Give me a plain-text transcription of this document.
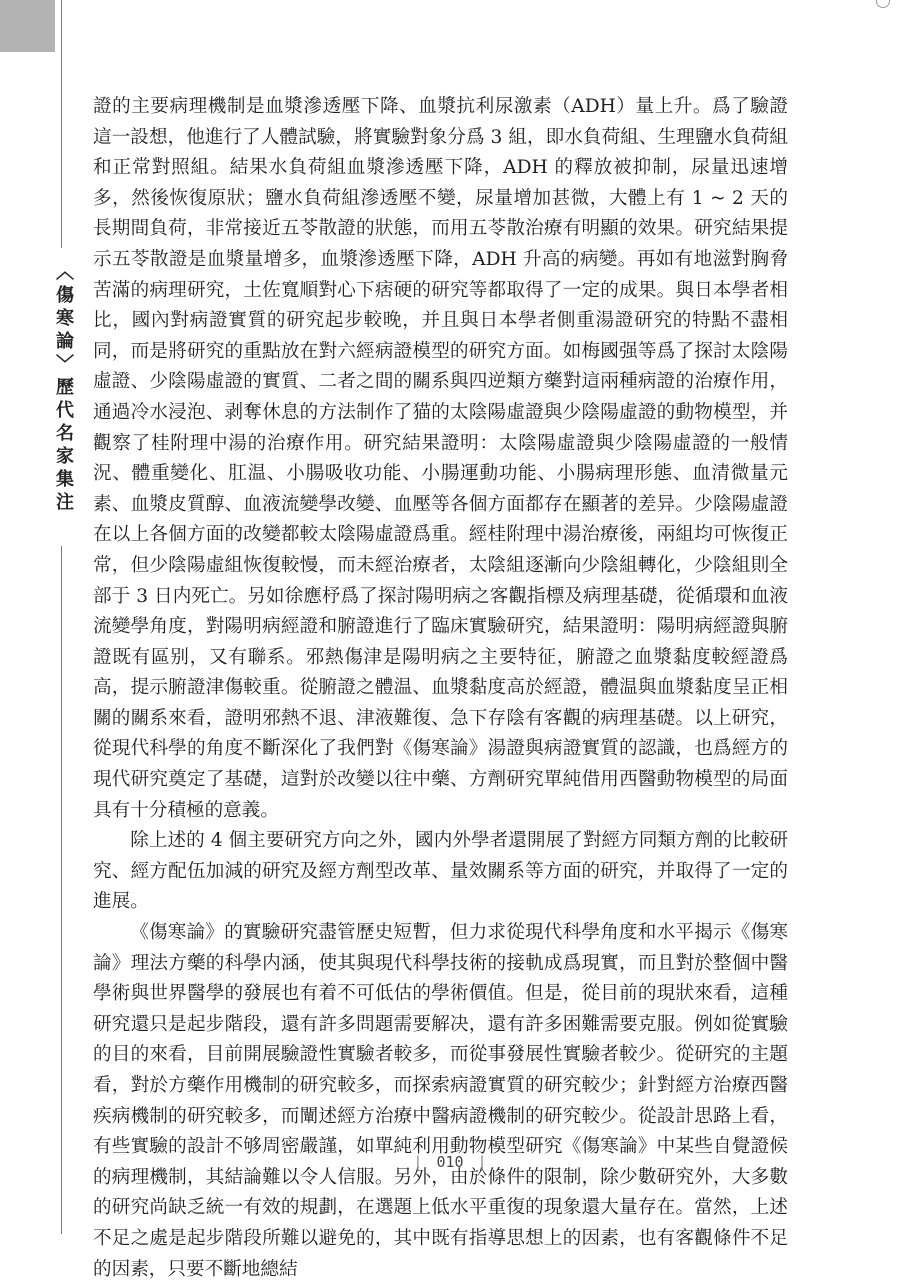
〈傷寒論〉歷代名家集注

證的主要病理機制是血漿滲透壓下降、血漿抗利尿激素（ADH）量上升。爲了驗證這一設想，他進行了人體試驗，將實驗對象分爲 3 組，即水負荷組、生理鹽水負荷組和正常對照組。結果水負荷組血漿滲透壓下降，ADH 的釋放被抑制，尿量迅速增多，然後恢復原狀；鹽水負荷組滲透壓不變，尿量增加甚微，大體上有 1 ~ 2 天的長期間負荷，非常接近五苓散證的狀態，而用五苓散治療有明顯的效果。研究結果提示五苓散證是血漿量增多，血漿滲透壓下降，ADH 升高的病變。再如有地滋對胸脅苦滿的病理研究，土佐寬順對心下痞硬的研究等都取得了一定的成果。與日本學者相比，國內對病證實質的研究起步較晚，并且與日本學者側重湯證研究的特點不盡相同，而是將研究的重點放在對六經病證模型的研究方面。如梅國强等爲了探討太陰陽虛證、少陰陽虛證的實質、二者之間的關系與四逆類方藥對這兩種病證的治療作用，通過冷水浸泡、剥奪休息的方法制作了猫的太陰陽虛證與少陰陽虛證的動物模型，并觀察了桂附理中湯的治療作用。研究結果證明：太陰陽虛證與少陰陽虛證的一般情況、體重變化、肛温、小腸吸收功能、小腸運動功能、小腸病理形態、血清微量元素、血漿皮質醇、血液流變學改變、血壓等各個方面都存在顯著的差异。少陰陽虛證在以上各個方面的改變都較太陰陽虛證爲重。經桂附理中湯治療後，兩組均可恢復正常，但少陰陽虛組恢復較慢，而未經治療者，太陰組逐漸向少陰組轉化，少陰組則全部于 3 日内死亡。另如徐應杼爲了探討陽明病之客觀指標及病理基礎，從循環和血液流變學角度，對陽明病經證和腑證進行了臨床實驗研究，結果證明：陽明病經證與腑證既有區别，又有聯系。邪熱傷津是陽明病之主要特征，腑證之血漿黏度較經證爲高，提示腑證津傷較重。從腑證之體温、血漿黏度高於經證，體温與血漿黏度呈正相關的關系來看，證明邪熱不退、津液難復、急下存陰有客觀的病理基礎。以上研究，從現代科學的角度不斷深化了我們對《傷寒論》湯證與病證實質的認識，也爲經方的現代研究奠定了基礎，這對於改變以往中藥、方劑研究單純借用西醫動物模型的局面具有十分積極的意義。

除上述的 4 個主要研究方向之外，國内外學者還開展了對經方同類方劑的比較研究、經方配伍加減的研究及經方劑型改革、量效關系等方面的研究，并取得了一定的進展。

《傷寒論》的實驗研究盡管歷史短暫，但力求從現代科學角度和水平揭示《傷寒論》理法方藥的科學内涵，使其與現代科學技術的接軌成爲現實，而且對於整個中醫學術與世界醫學的發展也有着不可低估的學術價值。但是，從目前的現狀來看，這種研究還只是起步階段，還有許多問題需要解决，還有許多困難需要克服。例如從實驗的目的來看，目前開展驗證性實驗者較多，而從事發展性實驗者較少。從研究的主題看，對於方藥作用機制的研究較多，而探索病證實質的研究較少；針對經方治療西醫疾病機制的研究較多，而闡述經方治療中醫病證機制的研究較少。從設計思路上看，有些實驗的設計不够周密嚴謹，如單純利用動物模型研究《傷寒論》中某些自覺證候的病理機制，其結論難以令人信服。另外，由於條件的限制，除少數研究外，大多數的研究尚缺乏統一有效的規劃，在選題上低水平重復的現象還大量存在。當然，上述不足之處是起步階段所難以避免的，其中既有指導思想上的因素，也有客觀條件不足的因素，只要不斷地總結

| 010 |
